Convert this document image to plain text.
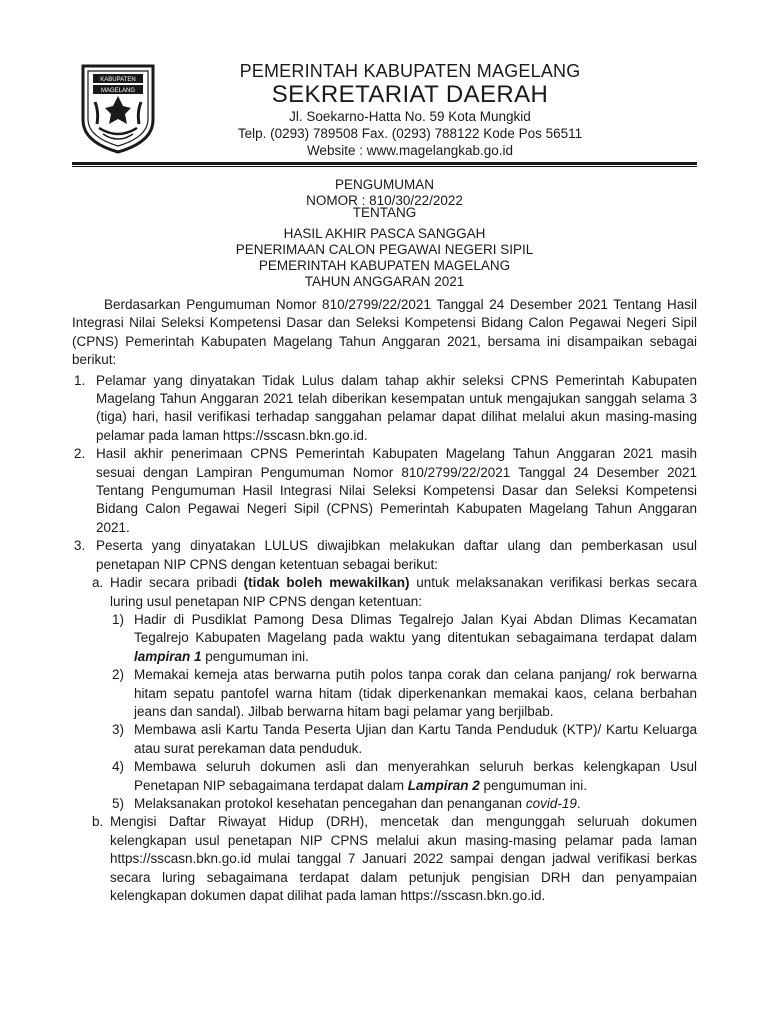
KABUPATEN
MAGELANG
PEMERINTAH KABUPATEN MAGELANG
SEKRETARIAT DAERAH
Jl. Soekarno-Hatta No. 59 Kota Mungkid
Telp. (0293) 789508 Fax. (0293) 788122 Kode Pos 56511
Website : www.magelangkab.go.id
PENGUMUMAN
NOMOR : 810/30/22/2022
TENTANG
HASIL AKHIR PASCA SANGGAH
PENERIMAAN CALON PEGAWAI NEGERI SIPIL
PEMERINTAH KABUPATEN MAGELANG
TAHUN ANGGARAN 2021

Berdasarkan Pengumuman Nomor 810/2799/22/2021 Tanggal 24 Desember 2021 Tentang Hasil Integrasi Nilai Seleksi Kompetensi Dasar dan Seleksi Kompetensi Bidang Calon Pegawai Negeri Sipil (CPNS) Pemerintah Kabupaten Magelang Tahun Anggaran 2021, bersama ini disampaikan sebagai berikut:

1. Pelamar yang dinyatakan Tidak Lulus dalam tahap akhir seleksi CPNS Pemerintah Kabupaten Magelang Tahun Anggaran 2021 telah diberikan kesempatan untuk mengajukan sanggah selama 3 (tiga) hari, hasil verifikasi terhadap sanggahan pelamar dapat dilihat melalui akun masing-masing pelamar pada laman https://sscasn.bkn.go.id.
2. Hasil akhir penerimaan CPNS Pemerintah Kabupaten Magelang Tahun Anggaran 2021 masih sesuai dengan Lampiran Pengumuman Nomor 810/2799/22/2021 Tanggal 24 Desember 2021 Tentang Pengumuman Hasil Integrasi Nilai Seleksi Kompetensi Dasar dan Seleksi Kompetensi Bidang Calon Pegawai Negeri Sipil (CPNS) Pemerintah Kabupaten Magelang Tahun Anggaran 2021.
3. Peserta yang dinyatakan LULUS diwajibkan melakukan daftar ulang dan pemberkasan usul penetapan NIP CPNS dengan ketentuan sebagai berikut:
a. Hadir secara pribadi (tidak boleh mewakilkan) untuk melaksanakan verifikasi berkas secara luring usul penetapan NIP CPNS dengan ketentuan:
1) Hadir di Pusdiklat Pamong Desa Dlimas Tegalrejo Jalan Kyai Abdan Dlimas Kecamatan Tegalrejo Kabupaten Magelang pada waktu yang ditentukan sebagaimana terdapat dalam lampiran 1 pengumuman ini.
2) Memakai kemeja atas berwarna putih polos tanpa corak dan celana panjang/ rok berwarna hitam sepatu pantofel warna hitam (tidak diperkenankan memakai kaos, celana berbahan jeans dan sandal). Jilbab berwarna hitam bagi pelamar yang berjilbab.
3) Membawa asli Kartu Tanda Peserta Ujian dan Kartu Tanda Penduduk (KTP)/ Kartu Keluarga atau surat perekaman data penduduk.
4) Membawa seluruh dokumen asli dan menyerahkan seluruh berkas kelengkapan Usul Penetapan NIP sebagaimana terdapat dalam Lampiran 2 pengumuman ini.
5) Melaksanakan protokol kesehatan pencegahan dan penanganan covid-19.
b. Mengisi Daftar Riwayat Hidup (DRH), mencetak dan mengunggah seluruah dokumen kelengkapan usul penetapan NIP CPNS melalui akun masing-masing pelamar pada laman https://sscasn.bkn.go.id mulai tanggal 7 Januari 2022 sampai dengan jadwal verifikasi berkas secara luring sebagaimana terdapat dalam petunjuk pengisian DRH dan penyampaian kelengkapan dokumen dapat dilihat pada laman https://sscasn.bkn.go.id.
